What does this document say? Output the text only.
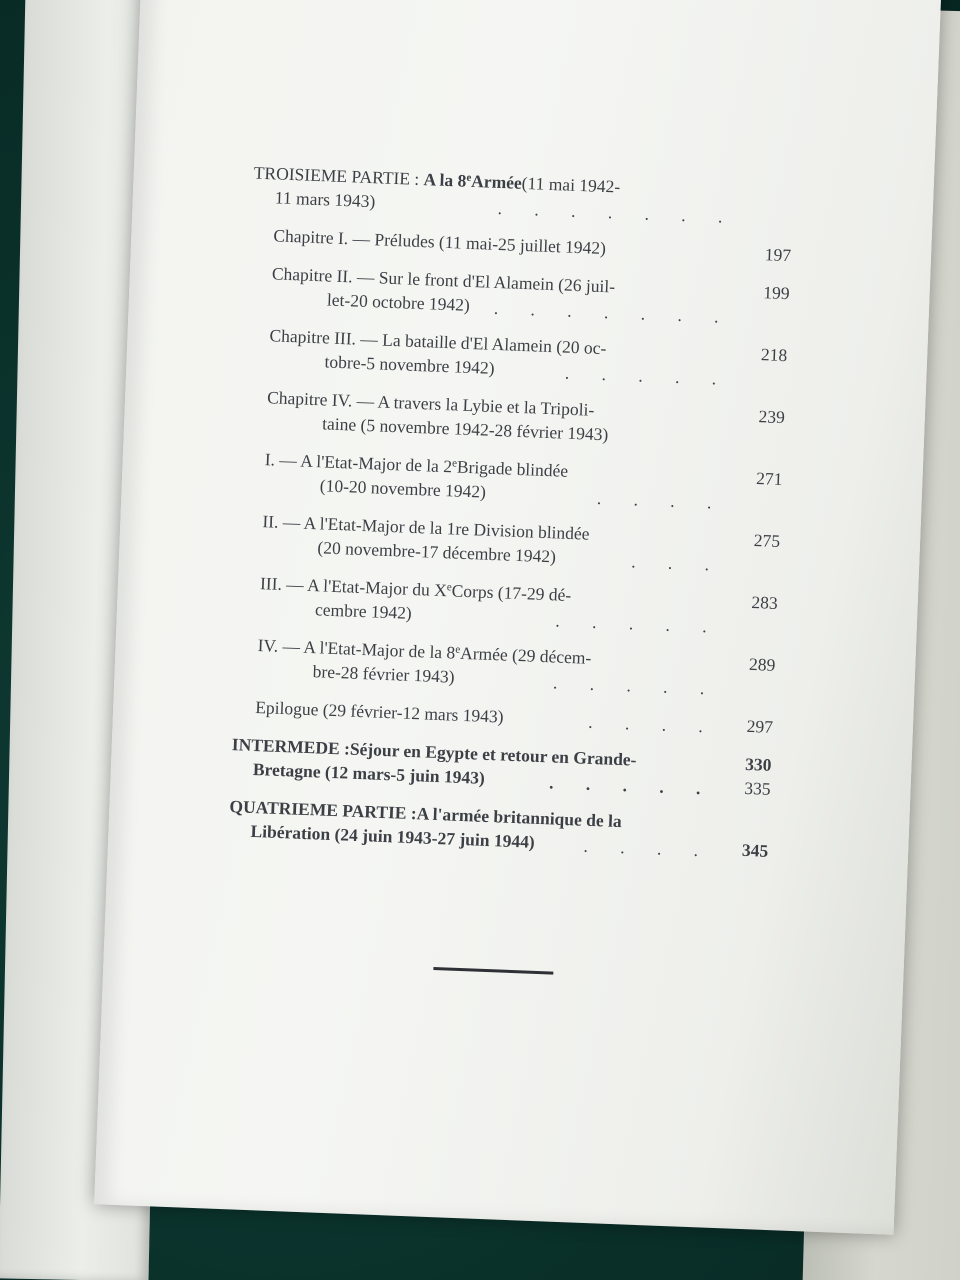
TROISIEME PARTIE : A la 8eArmée(11 mai 1942-
11 mars 1943)	. . . . . . .
Chapitre I. — Préludes (11 mai-25 juillet 1942)	197
Chapitre II. — Sur le front d'El Alamein (26 juil-	199
let-20 octobre 1942) . . . . . . .
Chapitre III. — La bataille d'El Alamein (20 oc-	218
tobre-5 novembre 1942)	. . . . .
Chapitre IV. — A travers la Lybie et la Tripoli-	239
taine (5 novembre 1942-28 février 1943)
I. — A l'Etat-Major de la 2eBrigade blindée	271
(10-20 novembre 1942)	. . . .
II. — A l'Etat-Major de la 1re Division blindée	275
(20 novembre-17 décembre 1942)	. . .
III. — A l'Etat-Major du XeCorps (17-29 dé-	283
cembre 1942)	. . . . .
IV. — A l'Etat-Major de la 8eArmée (29 décem-	289
bre-28 février 1943)	. . . . .
Epilogue (29 février-12 mars 1943)	. . . .	297
INTERMEDE :Séjour en Egypte et retour en Grande-	330
Bretagne (12 mars-5 juin 1943)	. . . . .	335
QUATRIEME PARTIE :A l'armée britannique de la
Libération (24 juin 1943-27 juin 1944)	. . . .	345
